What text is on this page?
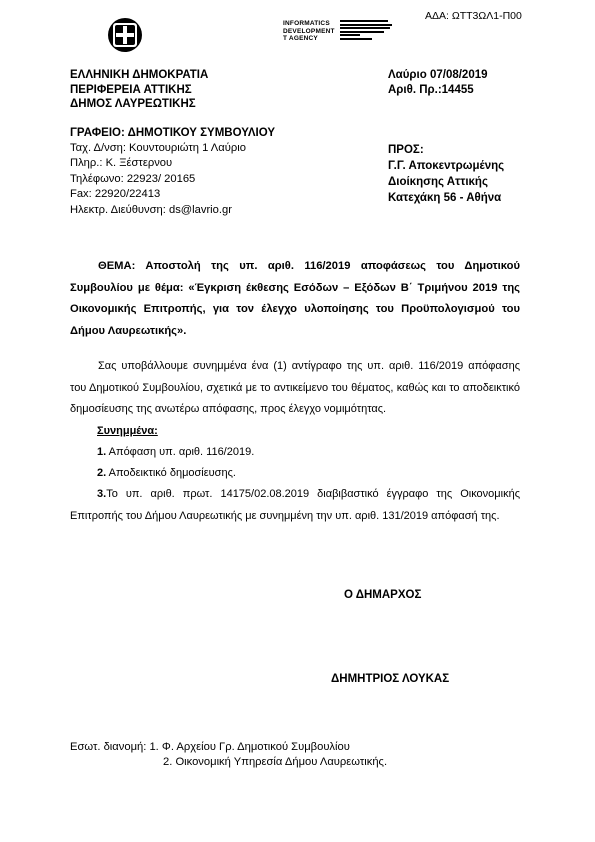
ΑΔΑ: ΩΤΤ3ΩΛ1-Π00
INFORMATICS
DEVELOPMENT
T AGENCY
ΕΛΛΗΝΙΚΗ ΔΗΜΟΚΡΑΤΙΑ
ΠΕΡΙΦΕΡΕΙΑ ΑΤΤΙΚΗΣ
ΔΗΜΟΣ ΛΑΥΡΕΩΤΙΚΗΣ
Λαύριο 07/08/2019
Αριθ. Πρ.:14455
ΓΡΑΦΕΙΟ: ΔΗΜΟΤΙΚΟΥ ΣΥΜΒΟΥΛΙΟΥ
Ταχ. Δ/νση: Κουντουριώτη 1 Λαύριο
Πληρ.: Κ. Ξέστερνου
Τηλέφωνο: 22923/ 20165
Fax: 22920/22413
Ηλεκτρ. Διεύθυνση: ds@lavrio.gr
ΠΡΟΣ:
Γ.Γ. Αποκεντρωμένης
Διοίκησης Αττικής
Κατεχάκη 56 - Αθήνα
ΘΕΜΑ: Αποστολή της υπ. αριθ. 116/2019 αποφάσεως του Δημοτικού Συμβουλίου με θέμα: «Έγκριση έκθεσης Εσόδων – Εξόδων Β΄ Τριμήνου 2019 της Οικονομικής Επιτροπής, για τον έλεγχο υλοποίησης του Προϋπολογισμού του Δήμου Λαυρεωτικής».
Σας υποβάλλουμε συνημμένα ένα (1) αντίγραφο της υπ. αριθ. 116/2019 απόφασης του Δημοτικού Συμβουλίου, σχετικά με το αντικείμενο του θέματος, καθώς και το αποδεικτικό δημοσίευσης της ανωτέρω απόφασης, προς έλεγχο νομιμότητας.
Συνημμένα:
1. Απόφαση υπ. αριθ. 116/2019.
2. Αποδεικτικό δημοσίευσης.
3.Το υπ. αριθ. πρωτ. 14175/02.08.2019 διαβιβαστικό έγγραφο της Οικονομικής Επιτροπής του Δήμου Λαυρεωτικής με συνημμένη την υπ. αριθ. 131/2019 απόφασή της.
Ο ΔΗΜΑΡΧΟΣ
ΔΗΜΗΤΡΙΟΣ ΛΟΥΚΑΣ
Εσωτ. διανομή: 1. Φ. Αρχείου Γρ. Δημοτικού Συμβουλίου
2. Οικονομική Υπηρεσία Δήμου Λαυρεωτικής.
